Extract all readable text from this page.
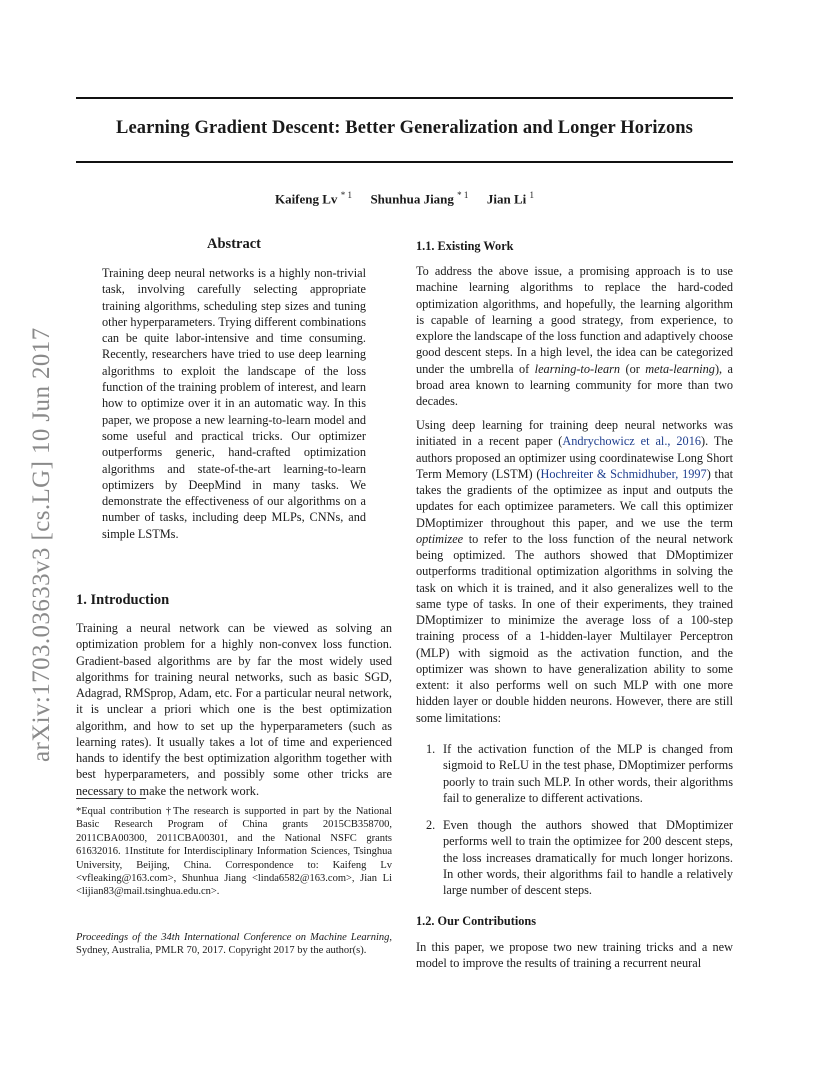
arXiv:1703.03633v3 [cs.LG] 10 Jun 2017
Learning Gradient Descent: Better Generalization and Longer Horizons
Kaifeng Lv $^{* 1}$ Shunhua Jiang $^{* 1}$ Jian Li $^1$
Abstract

Training deep neural networks is a highly non-trivial task, involving carefully selecting appropriate training algorithms, scheduling step sizes and tuning other hyperparameters. Trying different combinations can be quite labor-intensive and time consuming. Recently, researchers have tried to use deep learning algorithms to exploit the landscape of the loss function of the training problem of interest, and learn how to optimize over it in an automatic way. In this paper, we propose a new learning-to-learn model and some useful and practical tricks. Our optimizer outperforms generic, hand-crafted optimization algorithms and state-of-the-art learning-to-learn optimizers by DeepMind in many tasks. We demonstrate the effectiveness of our algorithms on a number of tasks, including deep MLPs, CNNs, and simple LSTMs.

1. Introduction

Training a neural network can be viewed as solving an optimization problem for a highly non-convex loss function. Gradient-based algorithms are by far the most widely used algorithms for training neural networks, such as basic SGD, Adagrad, RMSprop, Adam, etc. For a particular neural network, it is unclear a priori which one is the best optimization algorithm, and how to set up the hyperparameters (such as learning rates). It usually takes a lot of time and experienced hands to identify the best optimization algorithm together with best hyperparameters, and possibly some other tricks are necessary to make the network work.

*Equal contribution †The research is supported in part by the National Basic Research Program of China grants 2015CB358700, 2011CBA00300, 2011CBA00301, and the National NSFC grants 61632016. 1Institute for Interdisciplinary Information Sciences, Tsinghua University, Beijing, China. Correspondence to: Kaifeng Lv <vfleaking@163.com>, Shunhua Jiang <linda6582@163.com>, Jian Li <lijian83@mail.tsinghua.edu.cn>.

Proceedings of the 34th International Conference on Machine Learning, Sydney, Australia, PMLR 70, 2017. Copyright 2017 by the author(s).

1.1. Existing Work

To address the above issue, a promising approach is to use machine learning algorithms to replace the hard-coded optimization algorithms, and hopefully, the learning algorithm is capable of learning a good strategy, from experience, to explore the landscape of the loss function and adaptively choose good descent steps. In a high level, the idea can be categorized under the umbrella of learning-to-learn (or meta-learning), a broad area known to learning community for more than two decades.

Using deep learning for training deep neural networks was initiated in a recent paper (Andrychowicz et al., 2016). The authors proposed an optimizer using coordinatewise Long Short Term Memory (LSTM) (Hochreiter & Schmidhuber, 1997) that takes the gradients of the optimizee as input and outputs the updates for each optimizee parameters. We call this optimizer DMoptimizer throughout this paper, and we use the term optimizee to refer to the loss function of the neural network being optimized. The authors showed that DMoptimizer outperforms traditional optimization algorithms in solving the task on which it is trained, and it also generalizes well to the same type of tasks. In one of their experiments, they trained DMoptimizer to minimize the average loss of a 100-step training process of a 1-hidden-layer Multilayer Perceptron (MLP) with sigmoid as the activation function, and the optimizer was shown to have generalization ability to some extent: it also performs well on such MLP with one more hidden layer or double hidden neurons. However, there are still some limitations:

1. If the activation function of the MLP is changed from sigmoid to ReLU in the test phase, DMoptimizer performs poorly to train such MLP. In other words, their algorithms fail to generalize to different activations.

2. Even though the authors showed that DMoptimizer performs well to train the optimizee for 200 descent steps, the loss increases dramatically for much longer horizons. In other words, their algorithms fail to handle a relatively large number of descent steps.

1.2. Our Contributions

In this paper, we propose two new training tricks and a new model to improve the results of training a recurrent neural
